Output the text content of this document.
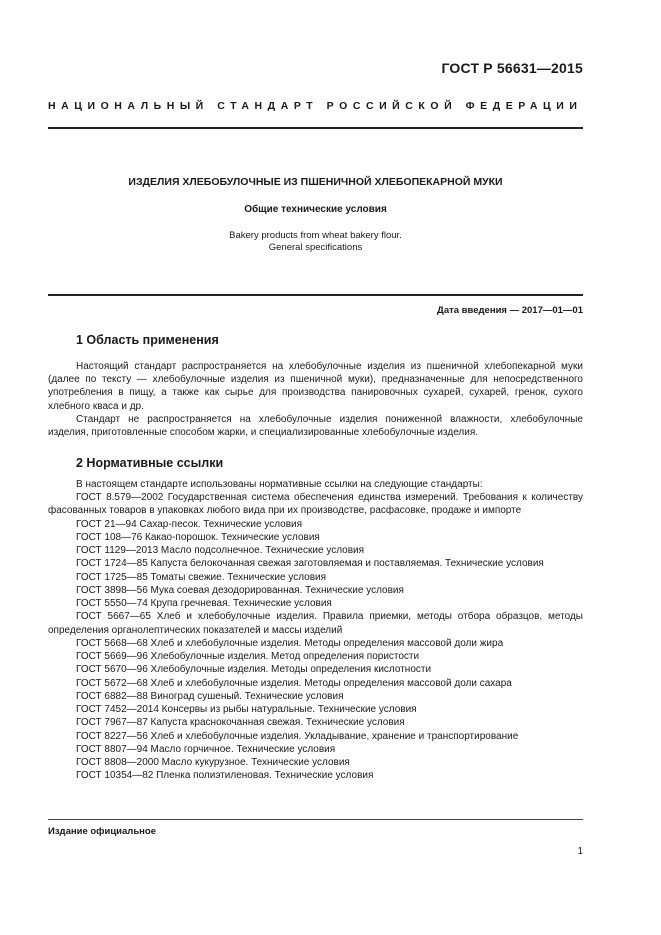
ГОСТ Р 56631—2015
НАЦИОНАЛЬНЫЙ СТАНДАРТ РОССИЙСКОЙ ФЕДЕРАЦИИ
ИЗДЕЛИЯ ХЛЕБОБУЛОЧНЫЕ ИЗ ПШЕНИЧНОЙ ХЛЕБОПЕКАРНОЙ МУКИ
Общие технические условия
Bakery products from wheat bakery flour.
General specifications
Дата введения — 2017—01—01
1 Область применения
Настоящий стандарт распространяется на хлебобулочные изделия из пшеничной хлебопекарной муки (далее по тексту — хлебобулочные изделия из пшеничной муки), предназначенные для непосредственного употребления в пищу, а также как сырье для производства панировочных сухарей, сухарей, гренок, сухого хлебного кваса и др.
Стандарт не распространяется на хлебобулочные изделия пониженной влажности, хлебобулочные изделия, приготовленные способом жарки, и специализированные хлебобулочные изделия.
2 Нормативные ссылки
В настоящем стандарте использованы нормативные ссылки на следующие стандарты:
ГОСТ 8.579—2002 Государственная система обеспечения единства измерений. Требования к количеству фасованных товаров в упаковках любого вида при их производстве, расфасовке, продаже и импорте
ГОСТ 21—94 Сахар-песок. Технические условия
ГОСТ 108—76 Какао-порошок. Технические условия
ГОСТ 1129—2013 Масло подсолнечное. Технические условия
ГОСТ 1724—85 Капуста белокочанная свежая заготовляемая и поставляемая. Технические условия
ГОСТ 1725—85 Томаты свежие. Технические условия
ГОСТ 3898—56 Мука соевая дезодорированная. Технические условия
ГОСТ 5550—74 Крупа гречневая. Технические условия
ГОСТ 5667—65 Хлеб и хлебобулочные изделия. Правила приемки, методы отбора образцов, методы определения органолептических показателей и массы изделий
ГОСТ 5668—68 Хлеб и хлебобулочные изделия. Методы определения массовой доли жира
ГОСТ 5669—96 Хлебобулочные изделия. Метод определения пористости
ГОСТ 5670—96 Хлебобулочные изделия. Методы определения кислотности
ГОСТ 5672—68 Хлеб и хлебобулочные изделия. Методы определения массовой доли сахара
ГОСТ 6882—88 Виноград сушеный. Технические условия
ГОСТ 7452—2014 Консервы из рыбы натуральные. Технические условия
ГОСТ 7967—87 Капуста краснокочанная свежая. Технические условия
ГОСТ 8227—56 Хлеб и хлебобулочные изделия. Укладывание, хранение и транспортирование
ГОСТ 8807—94 Масло горчичное. Технические условия
ГОСТ 8808—2000 Масло кукурузное. Технические условия
ГОСТ 10354—82 Пленка полиэтиленовая. Технические условия
Издание официальное
1
